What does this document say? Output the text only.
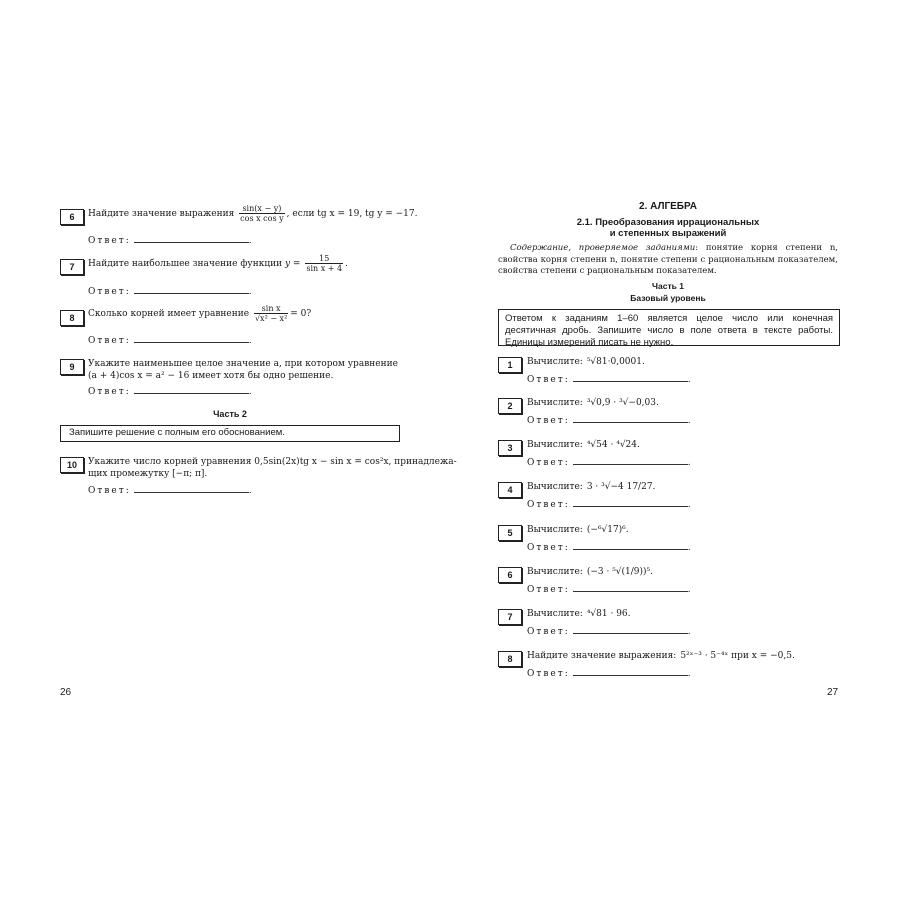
6	Найдите значение выражения $\frac{\sin(x - y)}{\text{cos x cos y}}$ , если tg x = 19, tg y = −17.
Ответ:	.
7	Найдите наибольшее значение функции $y = \frac{15}{\text{sin x + 4}}$ .
Ответ:	.
8	Сколько корней имеет уравнение $\frac{\text{sin x}}{\text{√x² − x²}} = 0$?
Ответ:	.
9	Укажите наименьшее целое значение a, при котором уравнение
(a + 4)cos x = a² − 16 имеет хотя бы одно решение.
Ответ:	.
Часть 2
Запишите решение с полным его обоснованием.
10	Укажите число корней уравнения 0,5sin(2x)tg x − sin x = cos²x, принадлежа-
щих промежутку [−π; π].
Ответ:	.
26
2. АЛГЕБРА
2.1. Преобразования иррациональных
и степенных выражений
Содержание, проверяемое заданиями: понятие корня степени n, свойства корня степени n, понятие степени с рациональным показателем, свойства степени с рациональным показателем.
Часть 1
Базовый уровень
Ответом к заданиям 1–60 является целое число или конечная десятичная дробь. Запишите число в поле ответа в тексте работы. Единицы измерений писать не нужно.
1	Вычислите: ⁵√81·0,0001.
Ответ:	.
2	Вычислите: ³√0,9 · ³√−0,03.
Ответ:	.
3	Вычислите: ⁴√54 · ⁴√24.
Ответ:	.
4	Вычислите: 3 · ³√−4 17/27.
Ответ:	.
5	Вычислите: (−⁶√17)⁶.
Ответ:	.
6	Вычислите: (−3 · ⁵√(1/9))⁵.
Ответ:	.
7	Вычислите: ⁴√81 · 96.
Ответ:	.
8	Найдите значение выражения: 5²ˣ⁻³ · 5⁻⁴ˣ при x = −0,5.
Ответ:	.
27
